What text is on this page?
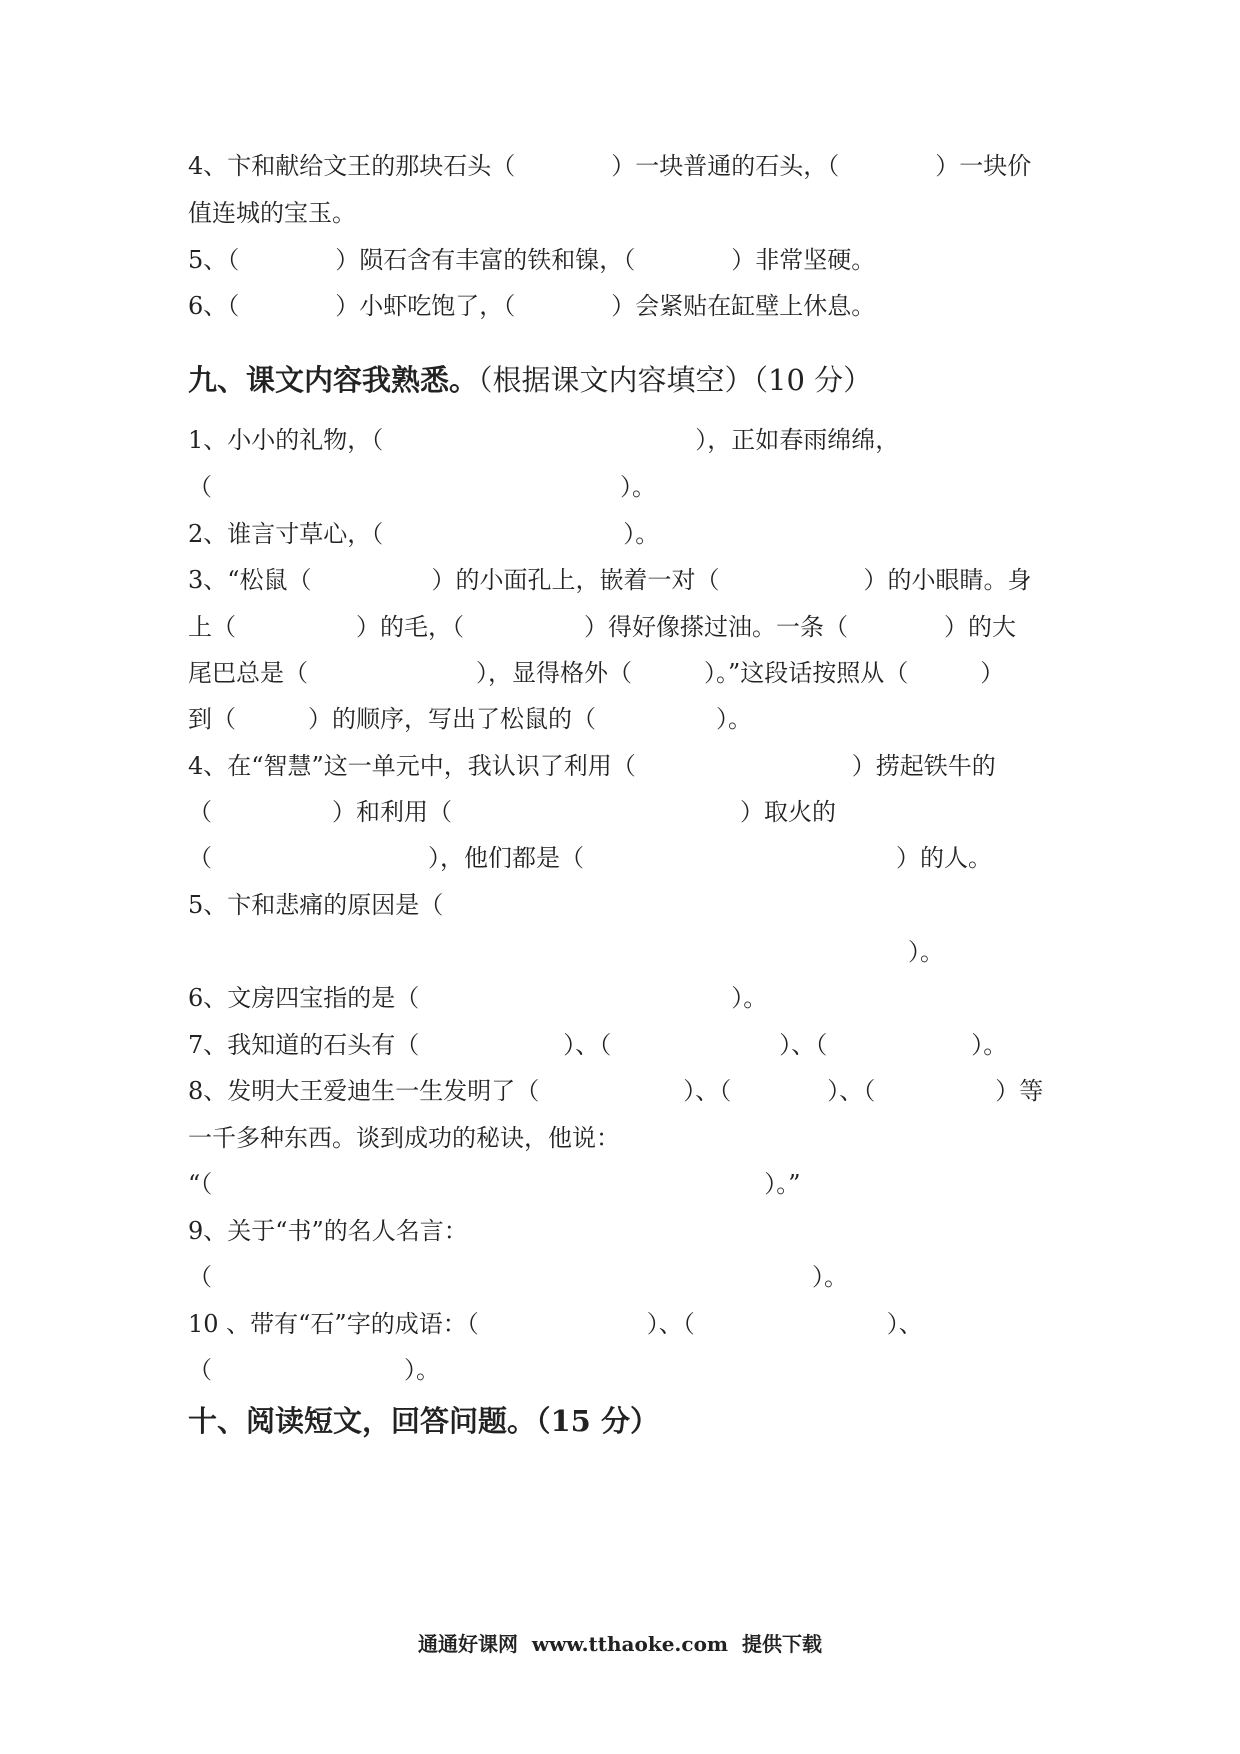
4、卞和献给文王的那块石头（　　　　）一块普通的石头，（　　　　）一块价
值连城的宝玉。
5、（　　　　）陨石含有丰富的铁和镍，（　　　　）非常坚硬。
6、（　　　　）小虾吃饱了，（　　　　）会紧贴在缸壁上休息。
九、课文内容我熟悉。（根据课文内容填空）（10 分）
1、小小的礼物，（　　　　　　　　　　　　　），正如春雨绵绵，
（　　　　　　　　　　　　　　　　　）。
2、谁言寸草心，（　　　　　　　　　　）。
3、“松鼠（　　　　　）的小面孔上，嵌着一对（　　　　　　）的小眼睛。身
上（　　　　　）的毛，（　　　　　）得好像搽过油。一条（　　　　）的大
尾巴总是（　　　　　　　），显得格外（　　　）。”这段话按照从（　　　）
到（　　　）的顺序，写出了松鼠的（　　　　　）。
4、在“智慧”这一单元中，我认识了利用（　　　　　　　　　）捞起铁牛的
（　　　　　）和利用（　　　　　　　　　　　　）取火的
（　　　　　　　　　），他们都是（　　　　　　　　　　　　　）的人。
5、卞和悲痛的原因是（
　　　　　　　　　　　　　　　　　　　　　　　　　　　　　　）。
6、文房四宝指的是（　　　　　　　　　　　　　）。
7、我知道的石头有（　　　　　　）、（　　　　　　　）、（　　　　　　）。
8、发明大王爱迪生一生发明了（　　　　　　）、（　　　　）、（　　　　　）等
一千多种东西。谈到成功的秘诀，他说：
“（　　　　　　　　　　　　　　　　　　　　　　　）。”
9、关于“书”的名人名言：
（　　　　　　　　　　　　　　　　　　　　　　　　　）。
10 、带有“石”字的成语：（　　　　　　　）、（　　　　　　　　）、
（　　　　　　　　）。
十、阅读短文，回答问题。（15 分）
通通好课网  www.tthaoke.com  提供下载
